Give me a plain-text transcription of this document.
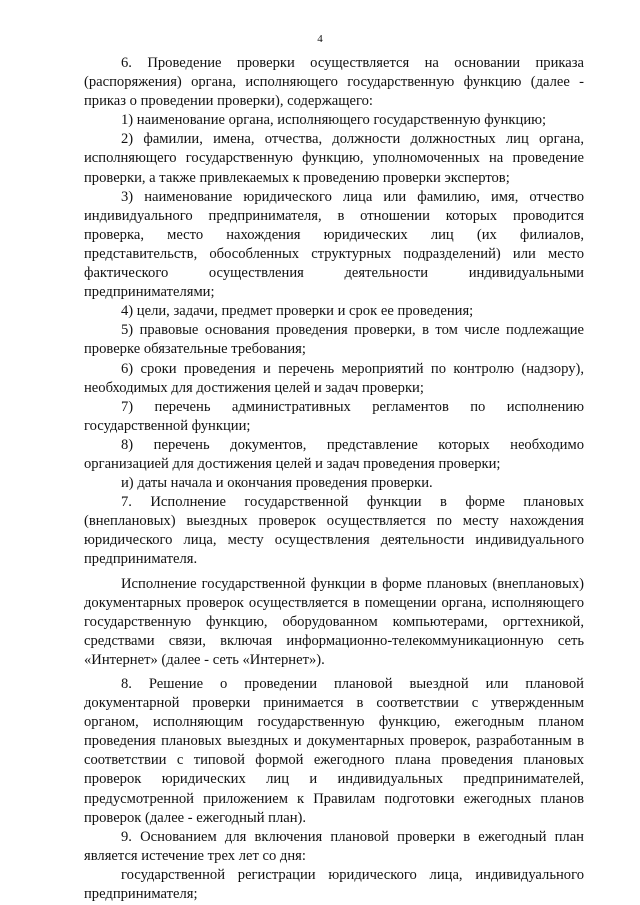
4

6. Проведение проверки осуществляется на основании приказа (распоряжения) органа, исполняющего государственную функцию (далее - приказ о проведении проверки), содержащего:

1) наименование органа, исполняющего государственную функцию;

2) фамилии, имена, отчества, должности должностных лиц органа, исполняющего государственную функцию, уполномоченных на проведение проверки, а также привлекаемых к проведению проверки экспертов;

3) наименование юридического лица или фамилию, имя, отчество индивидуального предпринимателя, в отношении которых проводится проверка, место нахождения юридических лиц (их филиалов, представительств, обособленных структурных подразделений) или место фактического осуществления деятельности индивидуальными предпринимателями;

4) цели, задачи, предмет проверки и срок ее проведения;

5) правовые основания проведения проверки, в том числе подлежащие проверке обязательные требования;

6) сроки проведения и перечень мероприятий по контролю (надзору), необходимых для достижения целей и задач проверки;

7) перечень административных регламентов по исполнению государственной функции;

8) перечень документов, представление которых необходимо организацией для достижения целей и задач проведения проверки;

и) даты начала и окончания проведения проверки.

7. Исполнение государственной функции в форме плановых (внеплановых) выездных проверок осуществляется по месту нахождения юридического лица, месту осуществления деятельности индивидуального предпринимателя.

Исполнение государственной функции в форме плановых (внеплановых) документарных проверок осуществляется в помещении органа, исполняющего государственную функцию, оборудованном компьютерами, оргтехникой, средствами связи, включая информационно-телекоммуникационную сеть «Интернет» (далее - сеть «Интернет»).

8. Решение о проведении плановой выездной или плановой документарной проверки принимается в соответствии с утвержденным органом, исполняющим государственную функцию, ежегодным планом проведения плановых выездных и документарных проверок, разработанным в соответствии с типовой формой ежегодного плана проведения плановых проверок юридических лиц и индивидуальных предпринимателей, предусмотренной приложением к Правилам подготовки ежегодных планов проверок (далее - ежегодный план).

9. Основанием для включения плановой проверки в ежегодный план является истечение трех лет со дня:

государственной регистрации юридического лица, индивидуального предпринимателя;
